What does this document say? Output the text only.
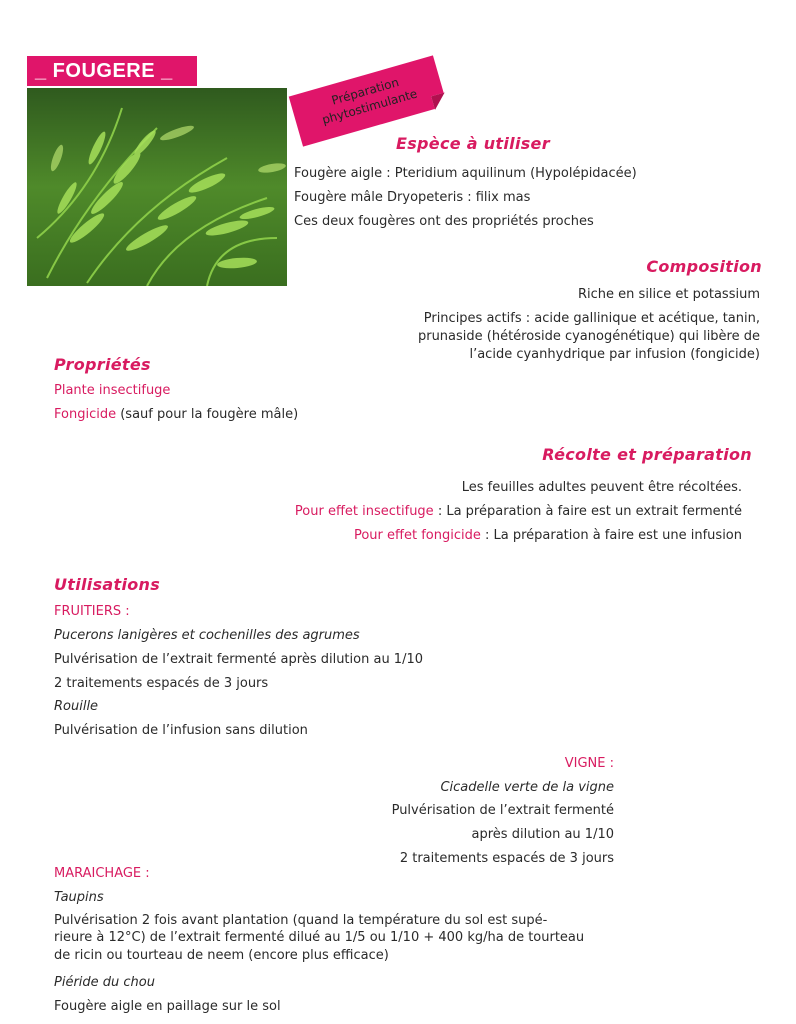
_ FOUGERE _
Préparation phytostimulante
Espèce à utiliser
Fougère aigle : Pteridium aquilinum (Hypolépidacée)
Fougère mâle Dryopeteris : filix mas
Ces deux fougères ont des propriétés proches
Composition
Riche en silice et potassium
Principes actifs : acide gallinique et acétique, tanin,
prunaside (hétéroside cyanogénétique) qui libère de
l’acide cyanhydrique par infusion (fongicide)
Propriétés
Plante insectifuge
Fongicide (sauf pour la fougère mâle)
Récolte et préparation
Les feuilles adultes peuvent être récoltées.
Pour effet insectifuge : La préparation à faire est un extrait fermenté
Pour effet fongicide : La préparation à faire est une infusion
Utilisations
FRUITIERS :
Pucerons lanigères et cochenilles des agrumes
Pulvérisation de l’extrait fermenté après dilution au 1/10
2 traitements espacés de 3 jours
Rouille
Pulvérisation de l’infusion sans dilution
VIGNE :
Cicadelle verte de la vigne
Pulvérisation de l’extrait fermenté
après dilution au 1/10
2 traitements espacés de 3 jours
MARAICHAGE :
Taupins
Pulvérisation 2 fois avant plantation (quand la température du sol est supé-
rieure à 12°C) de l’extrait fermenté dilué au 1/5 ou 1/10 + 400 kg/ha de tourteau
de ricin ou tourteau de neem (encore plus efficace)
Piéride du chou
Fougère aigle en paillage sur le sol
